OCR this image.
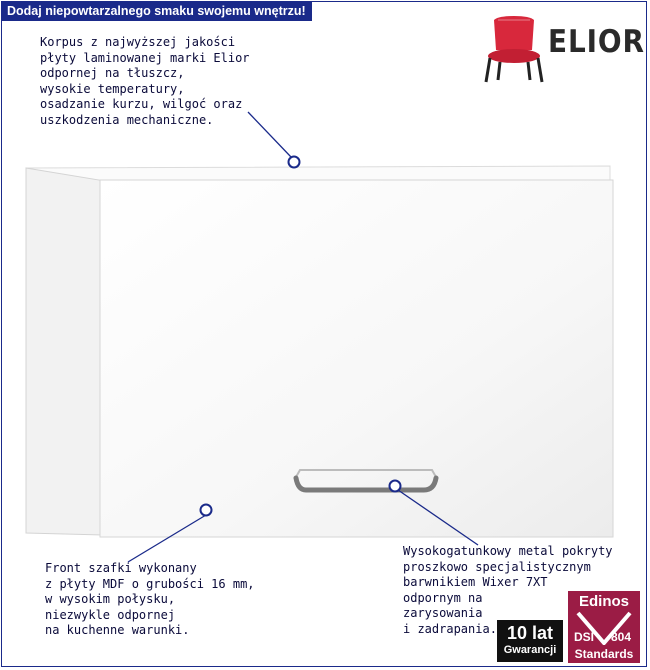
Dodaj niepowtarzalnego smaku swojemu wnętrzu!
ELIOR
Korpus z najwyższej jakości
płyty laminowanej marki Elior
odpornej na tłuszcz,
wysokie temperatury,
osadzanie kurzu, wilgoć oraz
uszkodzenia mechaniczne.
Front szafki wykonany
z płyty MDF o grubości 16 mm,
w wysokim połysku,
niezwykle odpornej
na kuchenne warunki.
Wysokogatunkowy metal pokryty
proszkowo specjalistycznym
barwnikiem Wixer 7XT
odpornym na
zarysowania
i zadrapania. 10 lat
Gwarancji
Edinos
DSI 804
Standards
